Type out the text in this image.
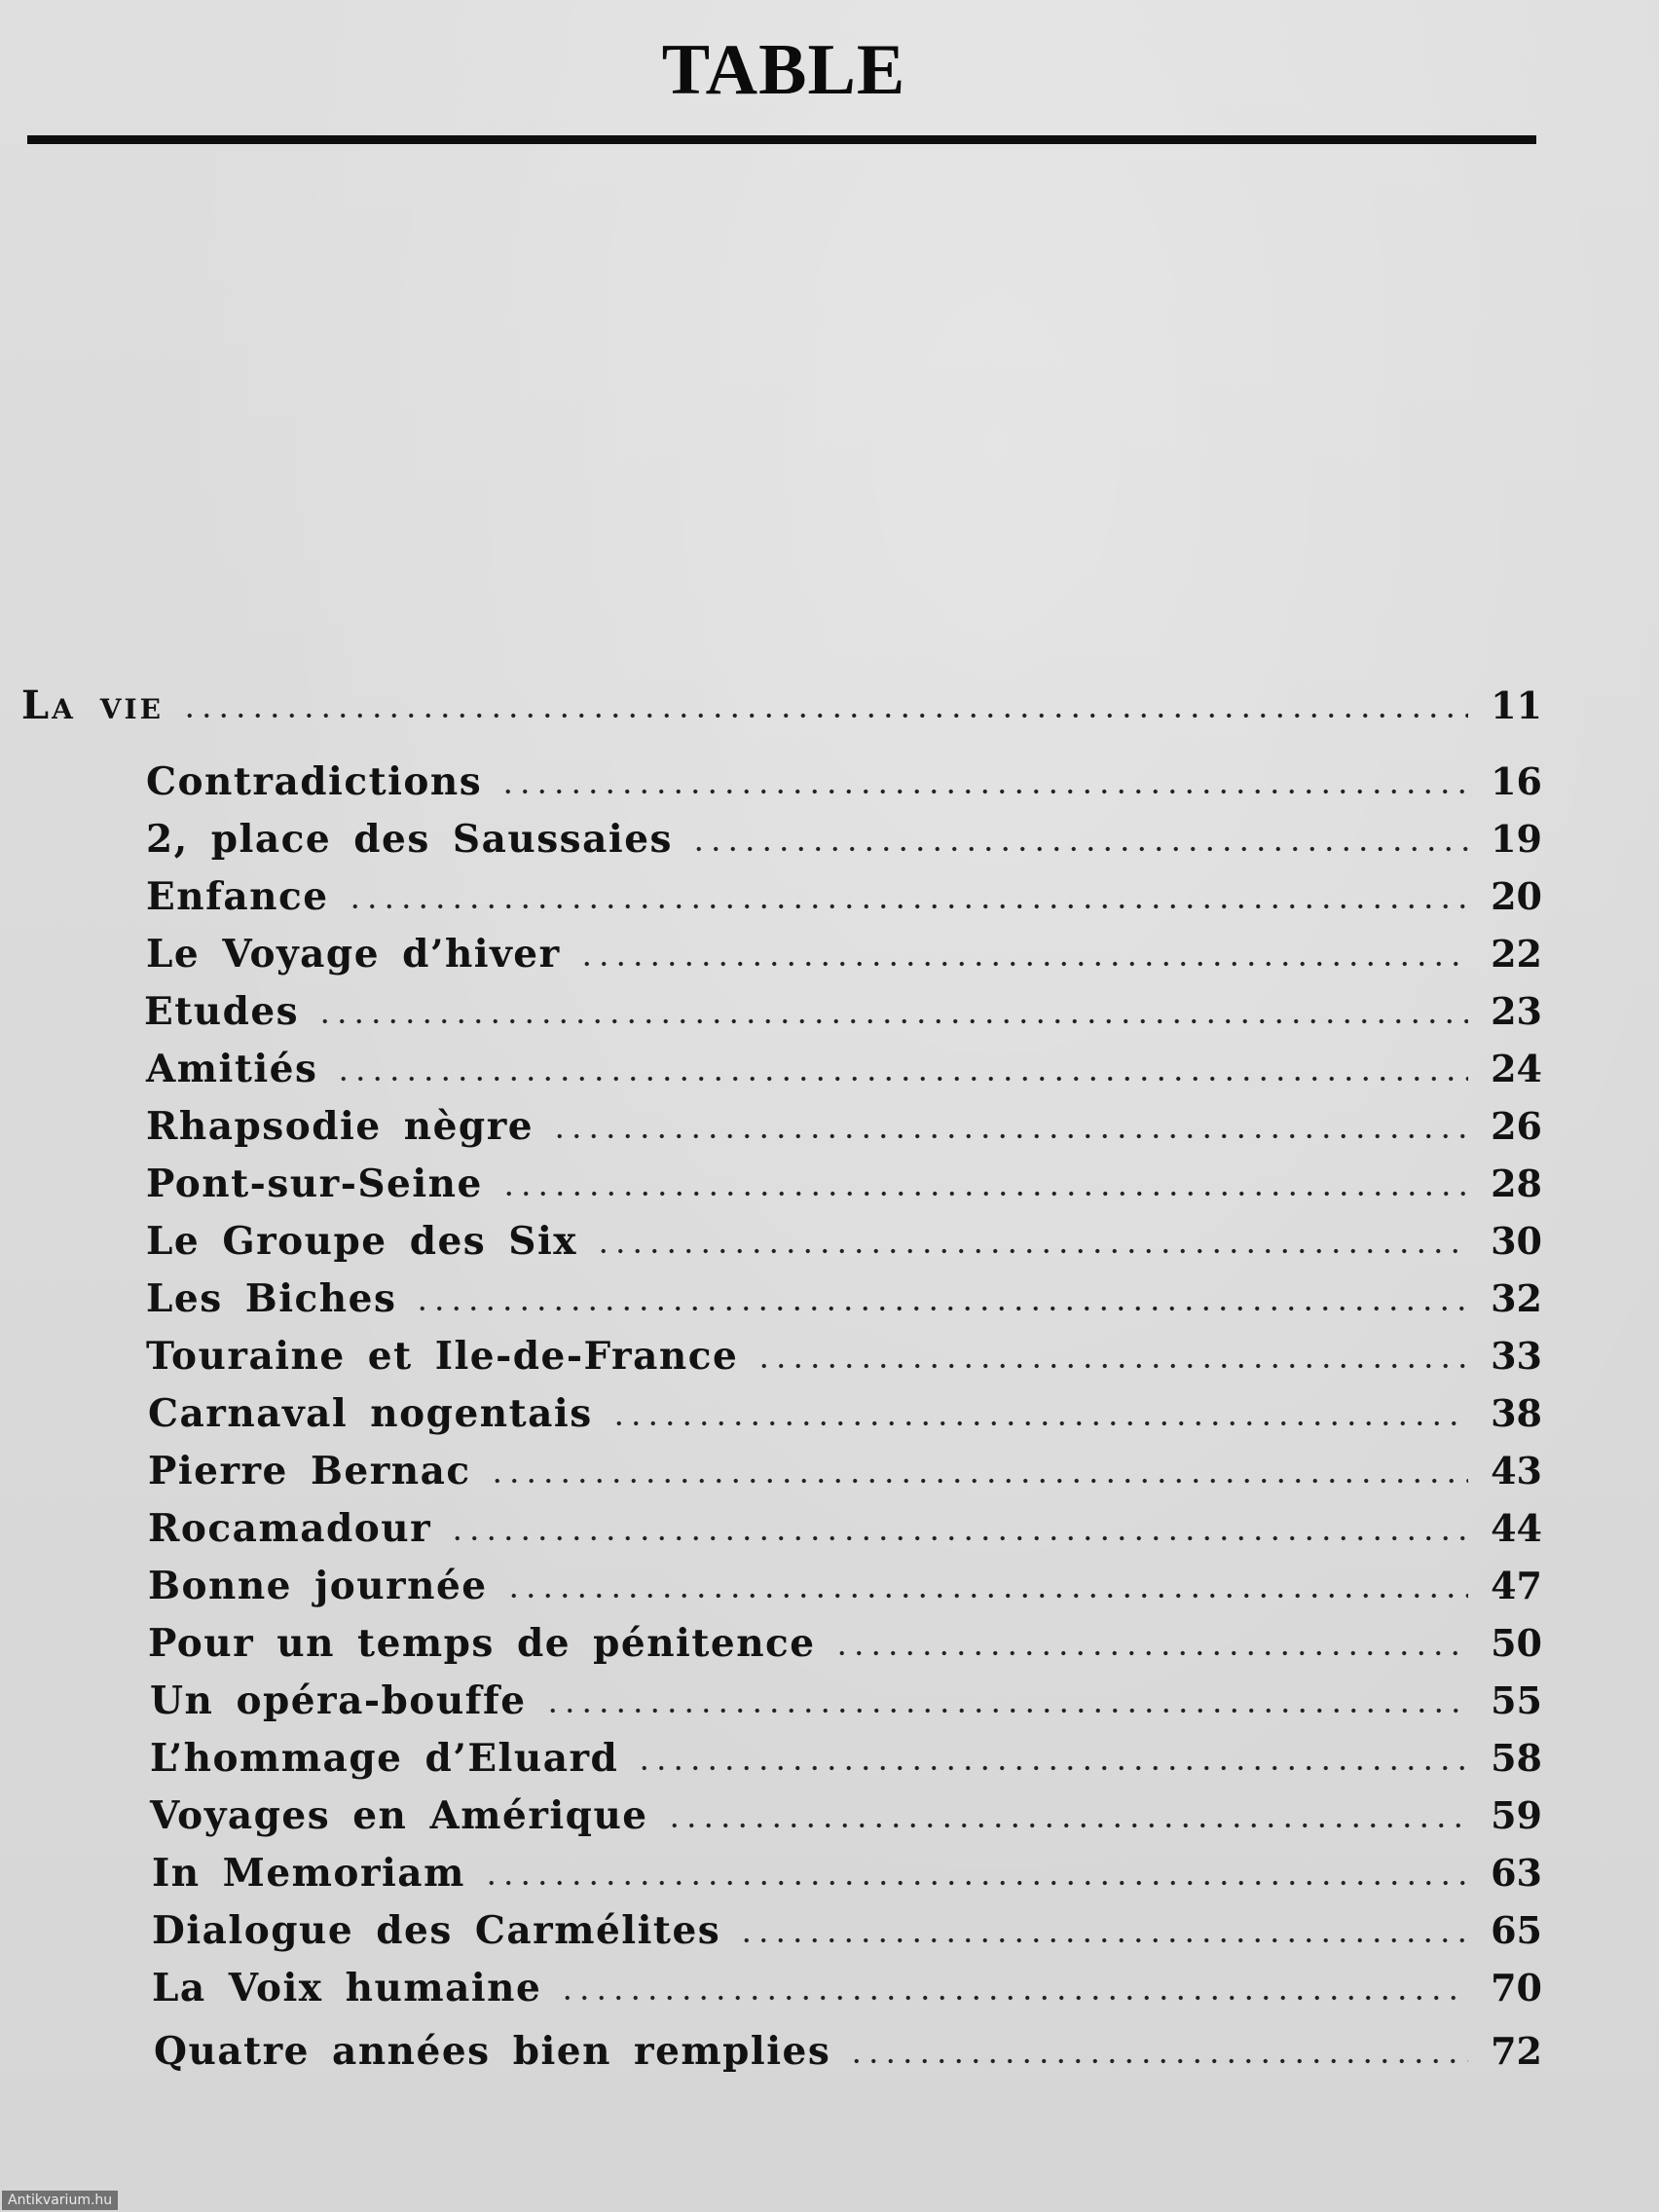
TABLE
La vie	11
Contradictions	16
2, place des Saussaies	19
Enfance	20
Le Voyage d’hiver	22
Etudes	23
Amitiés	24
Rhapsodie nègre	26
Pont-sur-Seine	28
Le Groupe des Six	30
Les Biches	32
Touraine et Ile-de-France	33
Carnaval nogentais	38
Pierre Bernac	43
Rocamadour	44
Bonne journée	47
Pour un temps de pénitence	50
Un opéra-bouffe	55
L’hommage d’Eluard	58
Voyages en Amérique	59
In Memoriam	63
Dialogue des Carmélites	65
La Voix humaine	70
Quatre années bien remplies	72
Antikvarium.hu
